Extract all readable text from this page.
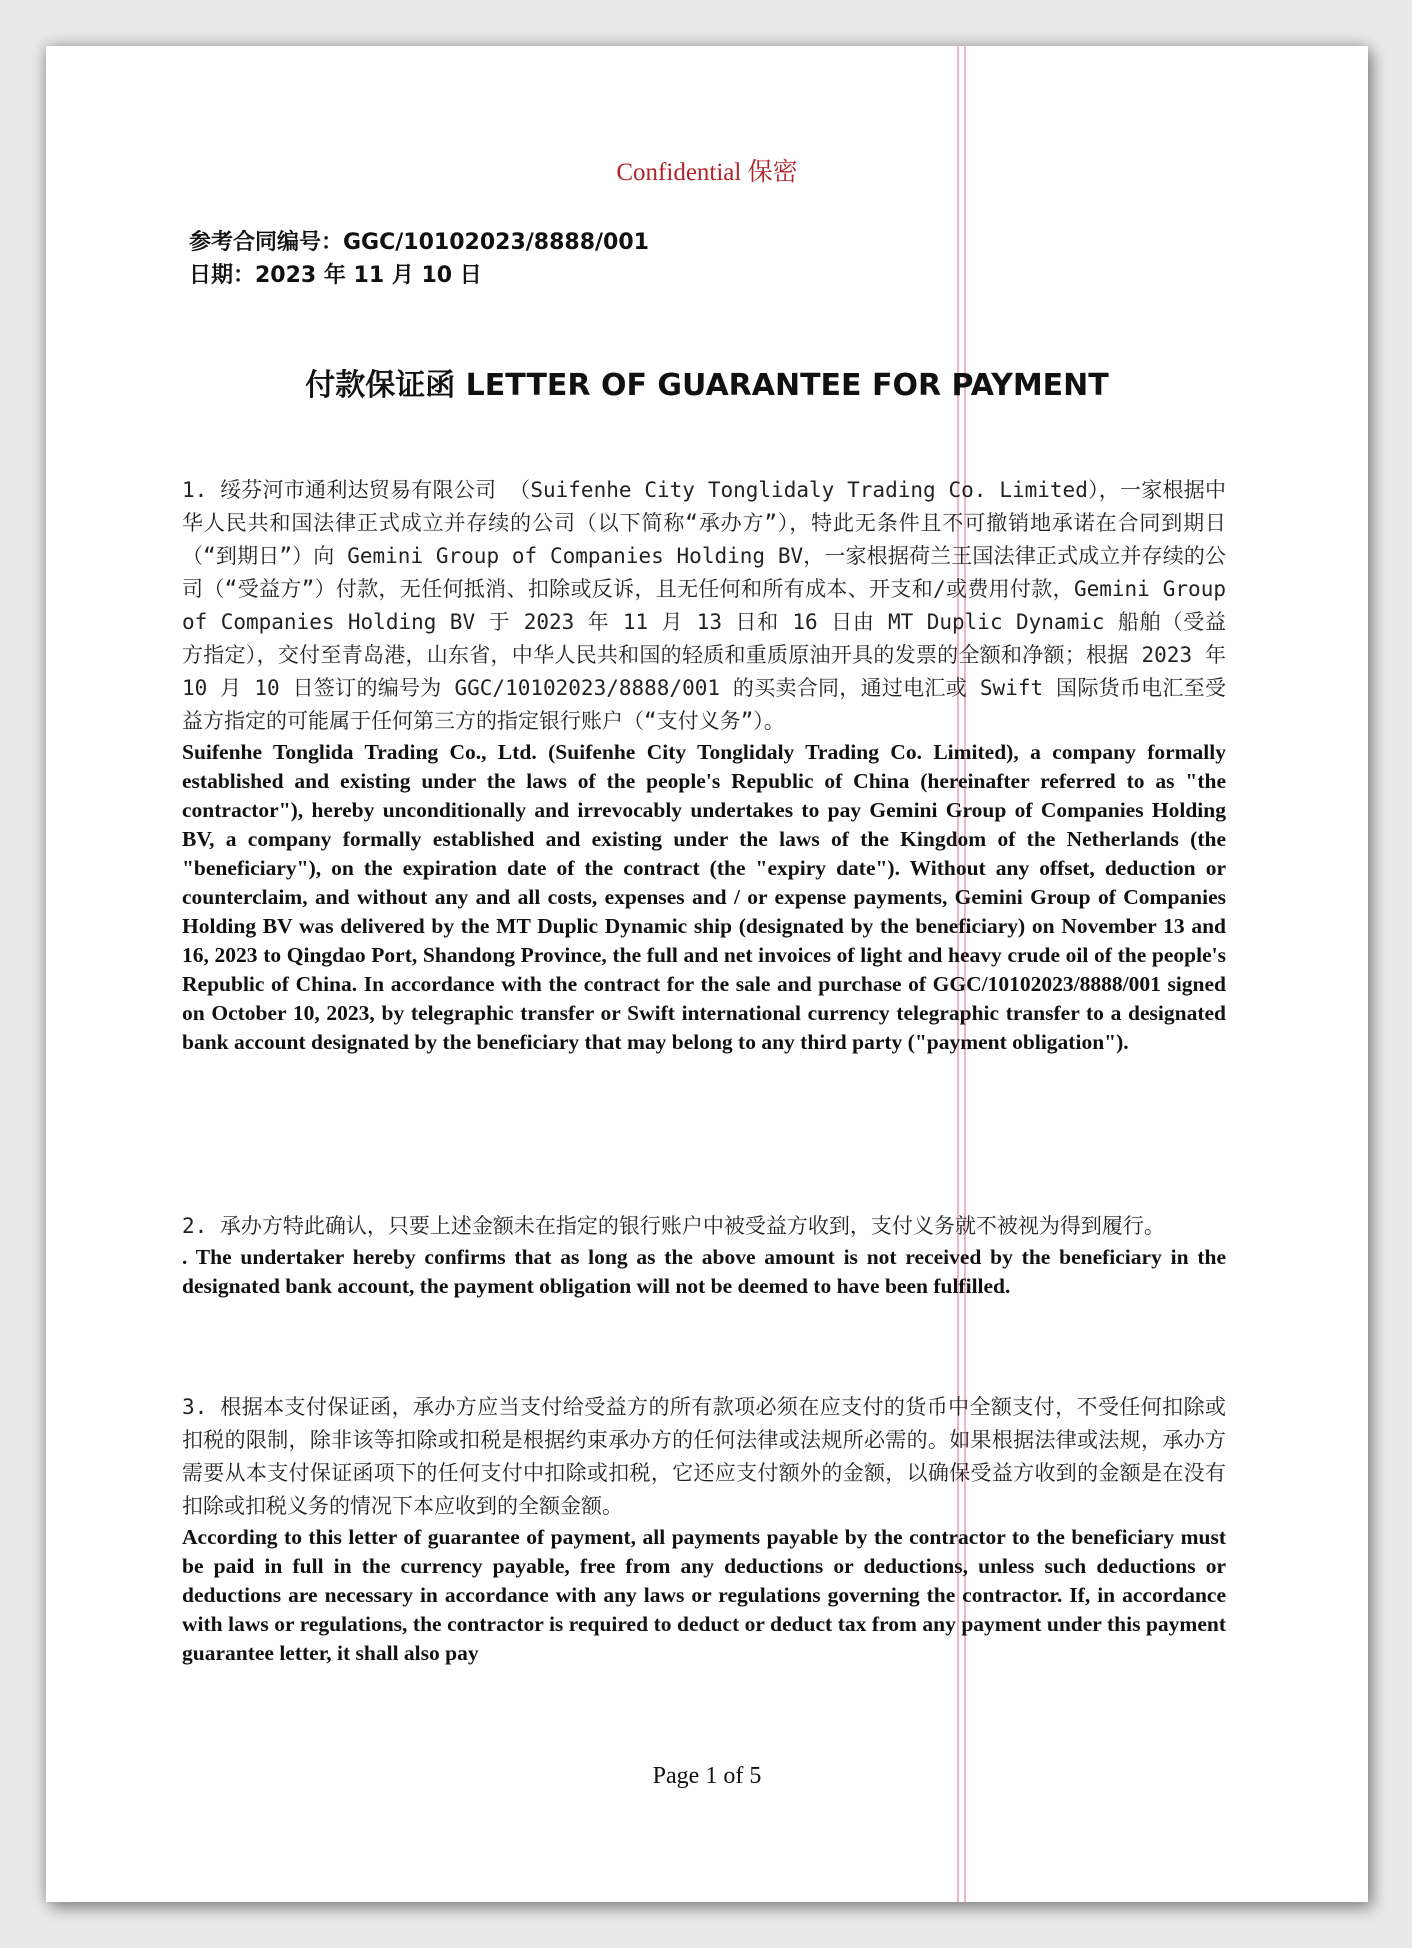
Confidential 保密
参考合同编号：GGC/10102023/8888/001
日期：2023 年 11 月 10 日
付款保证函 LETTER OF GUARANTEE FOR PAYMENT

1. 绥芬河市通利达贸易有限公司 （Suifenhe City Tonglidaly Trading Co. Limited），一家根据中华人民共和国法律正式成立并存续的公司（以下简称“承办方”），特此无条件且不可撤销地承诺在合同到期日（“到期日”）向 Gemini Group of Companies Holding BV，一家根据荷兰王国法律正式成立并存续的公司（“受益方”）付款，无任何抵消、扣除或反诉，且无任何和所有成本、开支和/或费用付款，Gemini Group of Companies Holding BV 于 2023 年 11 月 13 日和 16 日由 MT Duplic Dynamic 船舶（受益方指定），交付至青岛港，山东省，中华人民共和国的轻质和重质原油开具的发票的全额和净额；根据 2023 年 10 月 10 日签订的编号为 GGC/10102023/8888/001 的买卖合同，通过电汇或 Swift 国际货币电汇至受益方指定的可能属于任何第三方的指定银行账户（“支付义务”）。

Suifenhe Tonglida Trading Co., Ltd. (Suifenhe City Tonglidaly Trading Co. Limited), a company formally established and existing under the laws of the people's Republic of China (hereinafter referred to as "the contractor"), hereby unconditionally and irrevocably undertakes to pay Gemini Group of Companies Holding BV, a company formally established and existing under the laws of the Kingdom of the Netherlands (the "beneficiary"), on the expiration date of the contract (the "expiry date"). Without any offset, deduction or counterclaim, and without any and all costs, expenses and / or expense payments, Gemini Group of Companies Holding BV was delivered by the MT Duplic Dynamic ship (designated by the beneficiary) on November 13 and 16, 2023 to Qingdao Port, Shandong Province, the full and net invoices of light and heavy crude oil of the people's Republic of China. In accordance with the contract for the sale and purchase of GGC/10102023/8888/001 signed on October 10, 2023, by telegraphic transfer or Swift international currency telegraphic transfer to a designated bank account designated by the beneficiary that may belong to any third party ("payment obligation").

2. 承办方特此确认，只要上述金额未在指定的银行账户中被受益方收到，支付义务就不被视为得到履行。

. The undertaker hereby confirms that as long as the above amount is not received by the beneficiary in the designated bank account, the payment obligation will not be deemed to have been fulfilled.

3. 根据本支付保证函，承办方应当支付给受益方的所有款项必须在应支付的货币中全额支付，不受任何扣除或扣税的限制，除非该等扣除或扣税是根据约束承办方的任何法律或法规所必需的。如果根据法律或法规，承办方需要从本支付保证函项下的任何支付中扣除或扣税，它还应支付额外的金额，以确保受益方收到的金额是在没有扣除或扣税义务的情况下本应收到的全额金额。

According to this letter of guarantee of payment, all payments payable by the contractor to the beneficiary must be paid in full in the currency payable, free from any deductions or deductions, unless such deductions or deductions are necessary in accordance with any laws or regulations governing the contractor. If, in accordance with laws or regulations, the contractor is required to deduct or deduct tax from any payment under this payment guarantee letter, it shall also pay

Page 1 of 5
